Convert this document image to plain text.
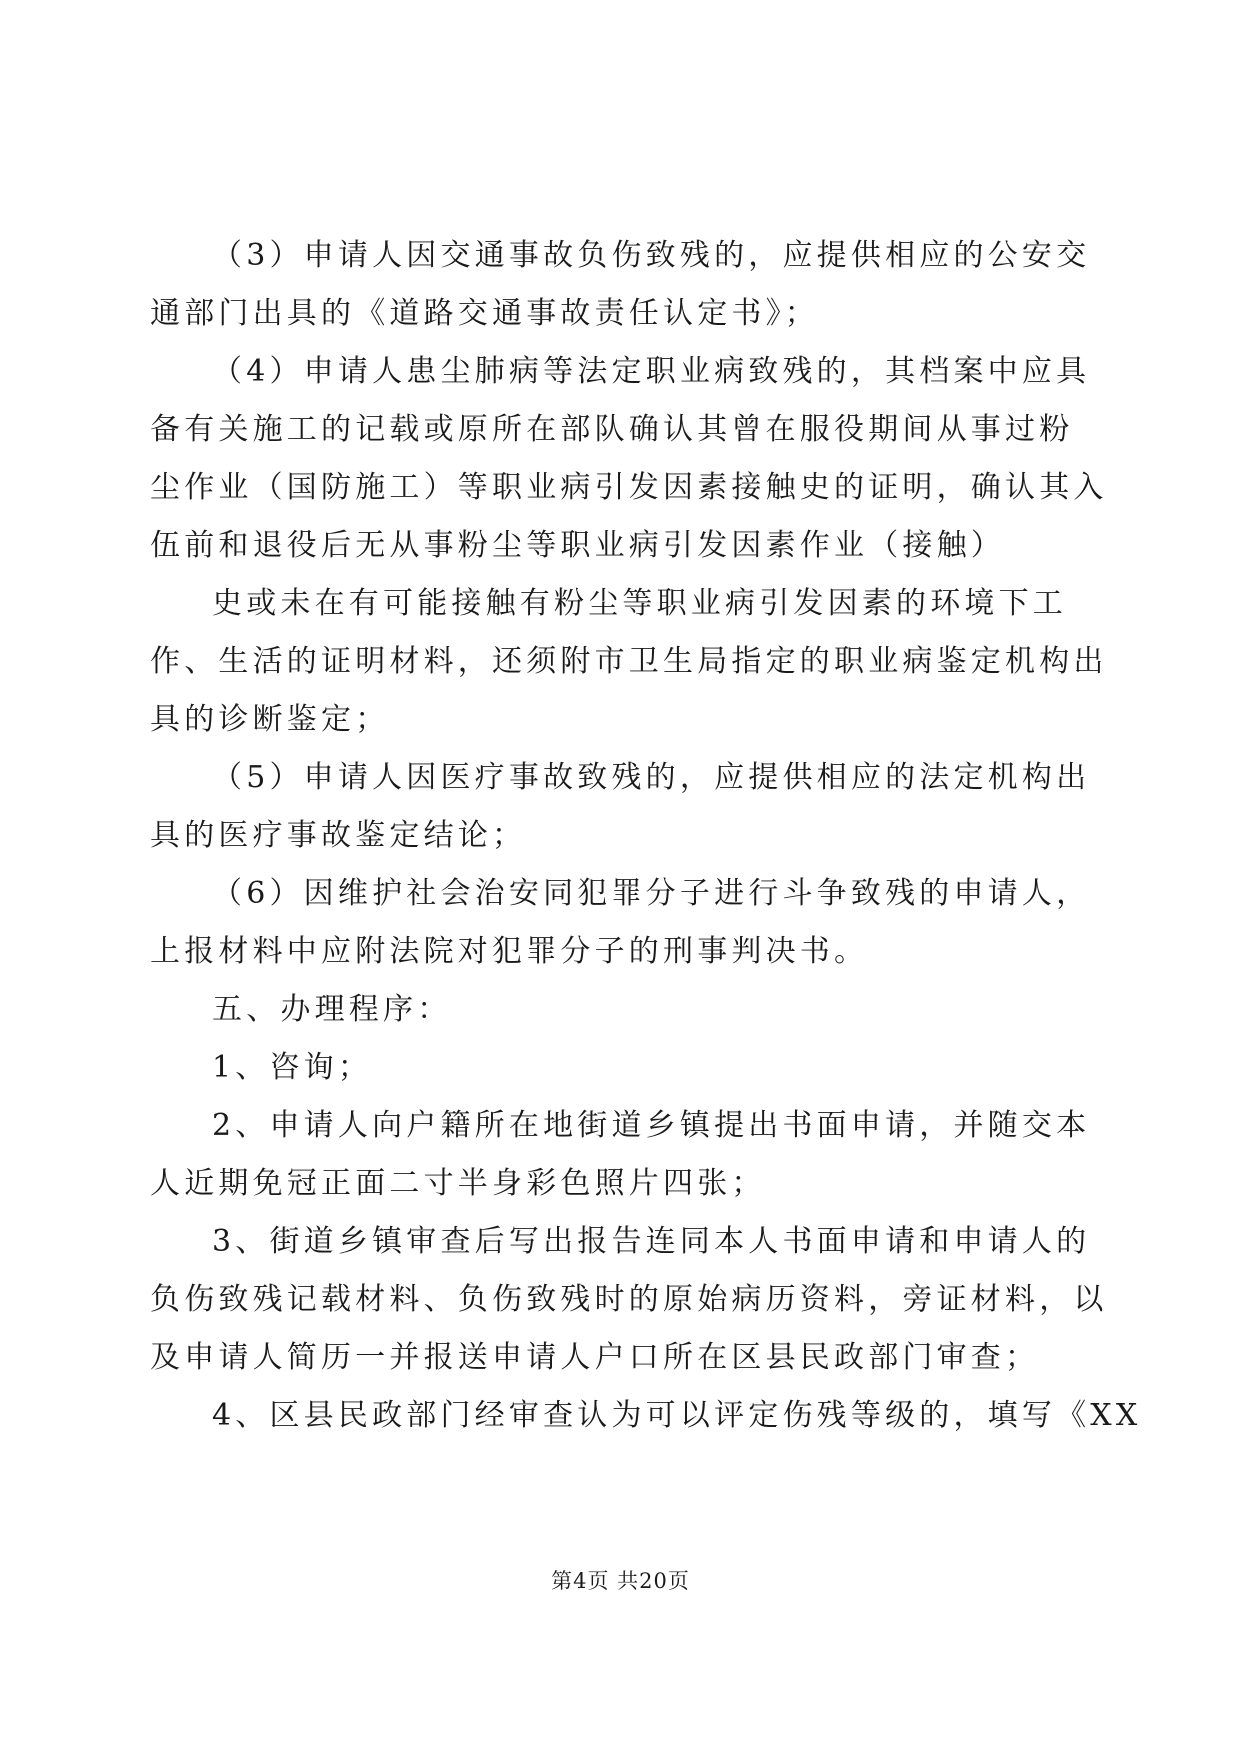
（3）申请人因交通事故负伤致残的，应提供相应的公安交
通部门出具的《道路交通事故责任认定书》；
（4）申请人患尘肺病等法定职业病致残的，其档案中应具
备有关施工的记载或原所在部队确认其曾在服役期间从事过粉
尘作业（国防施工）等职业病引发因素接触史的证明，确认其入
伍前和退役后无从事粉尘等职业病引发因素作业（接触）
史或未在有可能接触有粉尘等职业病引发因素的环境下工
作、生活的证明材料，还须附市卫生局指定的职业病鉴定机构出
具的诊断鉴定；
（5）申请人因医疗事故致残的，应提供相应的法定机构出
具的医疗事故鉴定结论；
（6）因维护社会治安同犯罪分子进行斗争致残的申请人，
上报材料中应附法院对犯罪分子的刑事判决书。
五、办理程序：
1、咨询；
2、申请人向户籍所在地街道乡镇提出书面申请，并随交本
人近期免冠正面二寸半身彩色照片四张；
3、街道乡镇审查后写出报告连同本人书面申请和申请人的
负伤致残记载材料、负伤致残时的原始病历资料，旁证材料，以
及申请人简历一并报送申请人户口所在区县民政部门审查；
4、区县民政部门经审查认为可以评定伤残等级的，填写《XX
第4页 共20页
